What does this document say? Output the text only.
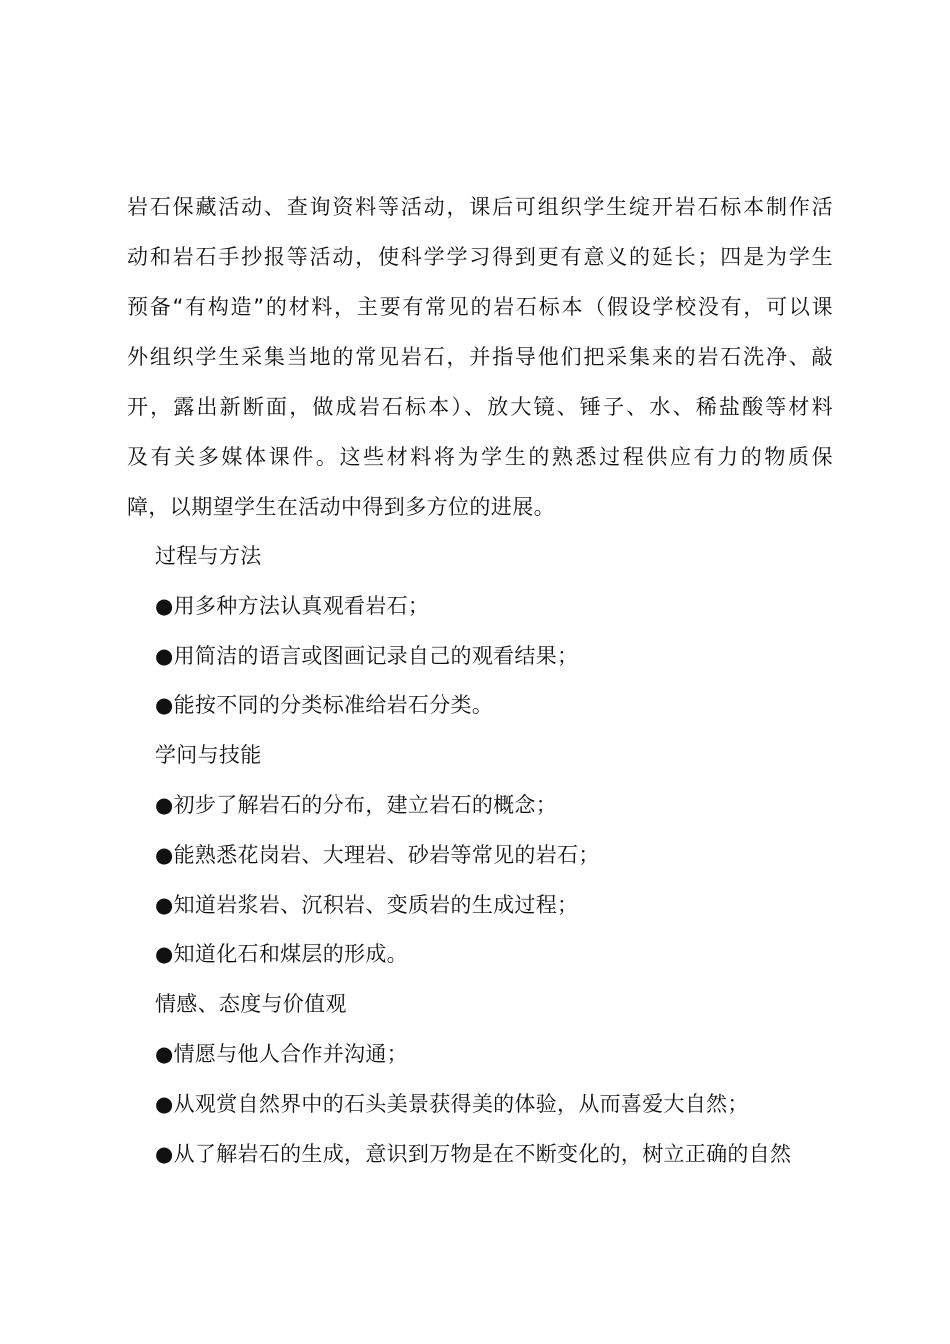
岩石保藏活动、查询资料等活动，课后可组织学生绽开岩石标本制作活
动和岩石手抄报等活动，使科学学习得到更有意义的延长；四是为学生
预备“有构造”的材料，主要有常见的岩石标本（假设学校没有，可以课
外组织学生采集当地的常见岩石，并指导他们把采集来的岩石洗净、敲
开，露出新断面，做成岩石标本）、放大镜、锤子、水、稀盐酸等材料
及有关多媒体课件。这些材料将为学生的熟悉过程供应有力的物质保
障，以期望学生在活动中得到多方位的进展。

过程与方法
●用多种方法认真观看岩石；
●用简洁的语言或图画记录自己的观看结果；
●能按不同的分类标准给岩石分类。
学问与技能
●初步了解岩石的分布，建立岩石的概念；
●能熟悉花岗岩、大理岩、砂岩等常见的岩石；
●知道岩浆岩、沉积岩、变质岩的生成过程；
●知道化石和煤层的形成。
情感、态度与价值观
●情愿与他人合作并沟通；
●从观赏自然界中的石头美景获得美的体验，从而喜爱大自然；
●从了解岩石的生成，意识到万物是在不断变化的，树立正确的自然
